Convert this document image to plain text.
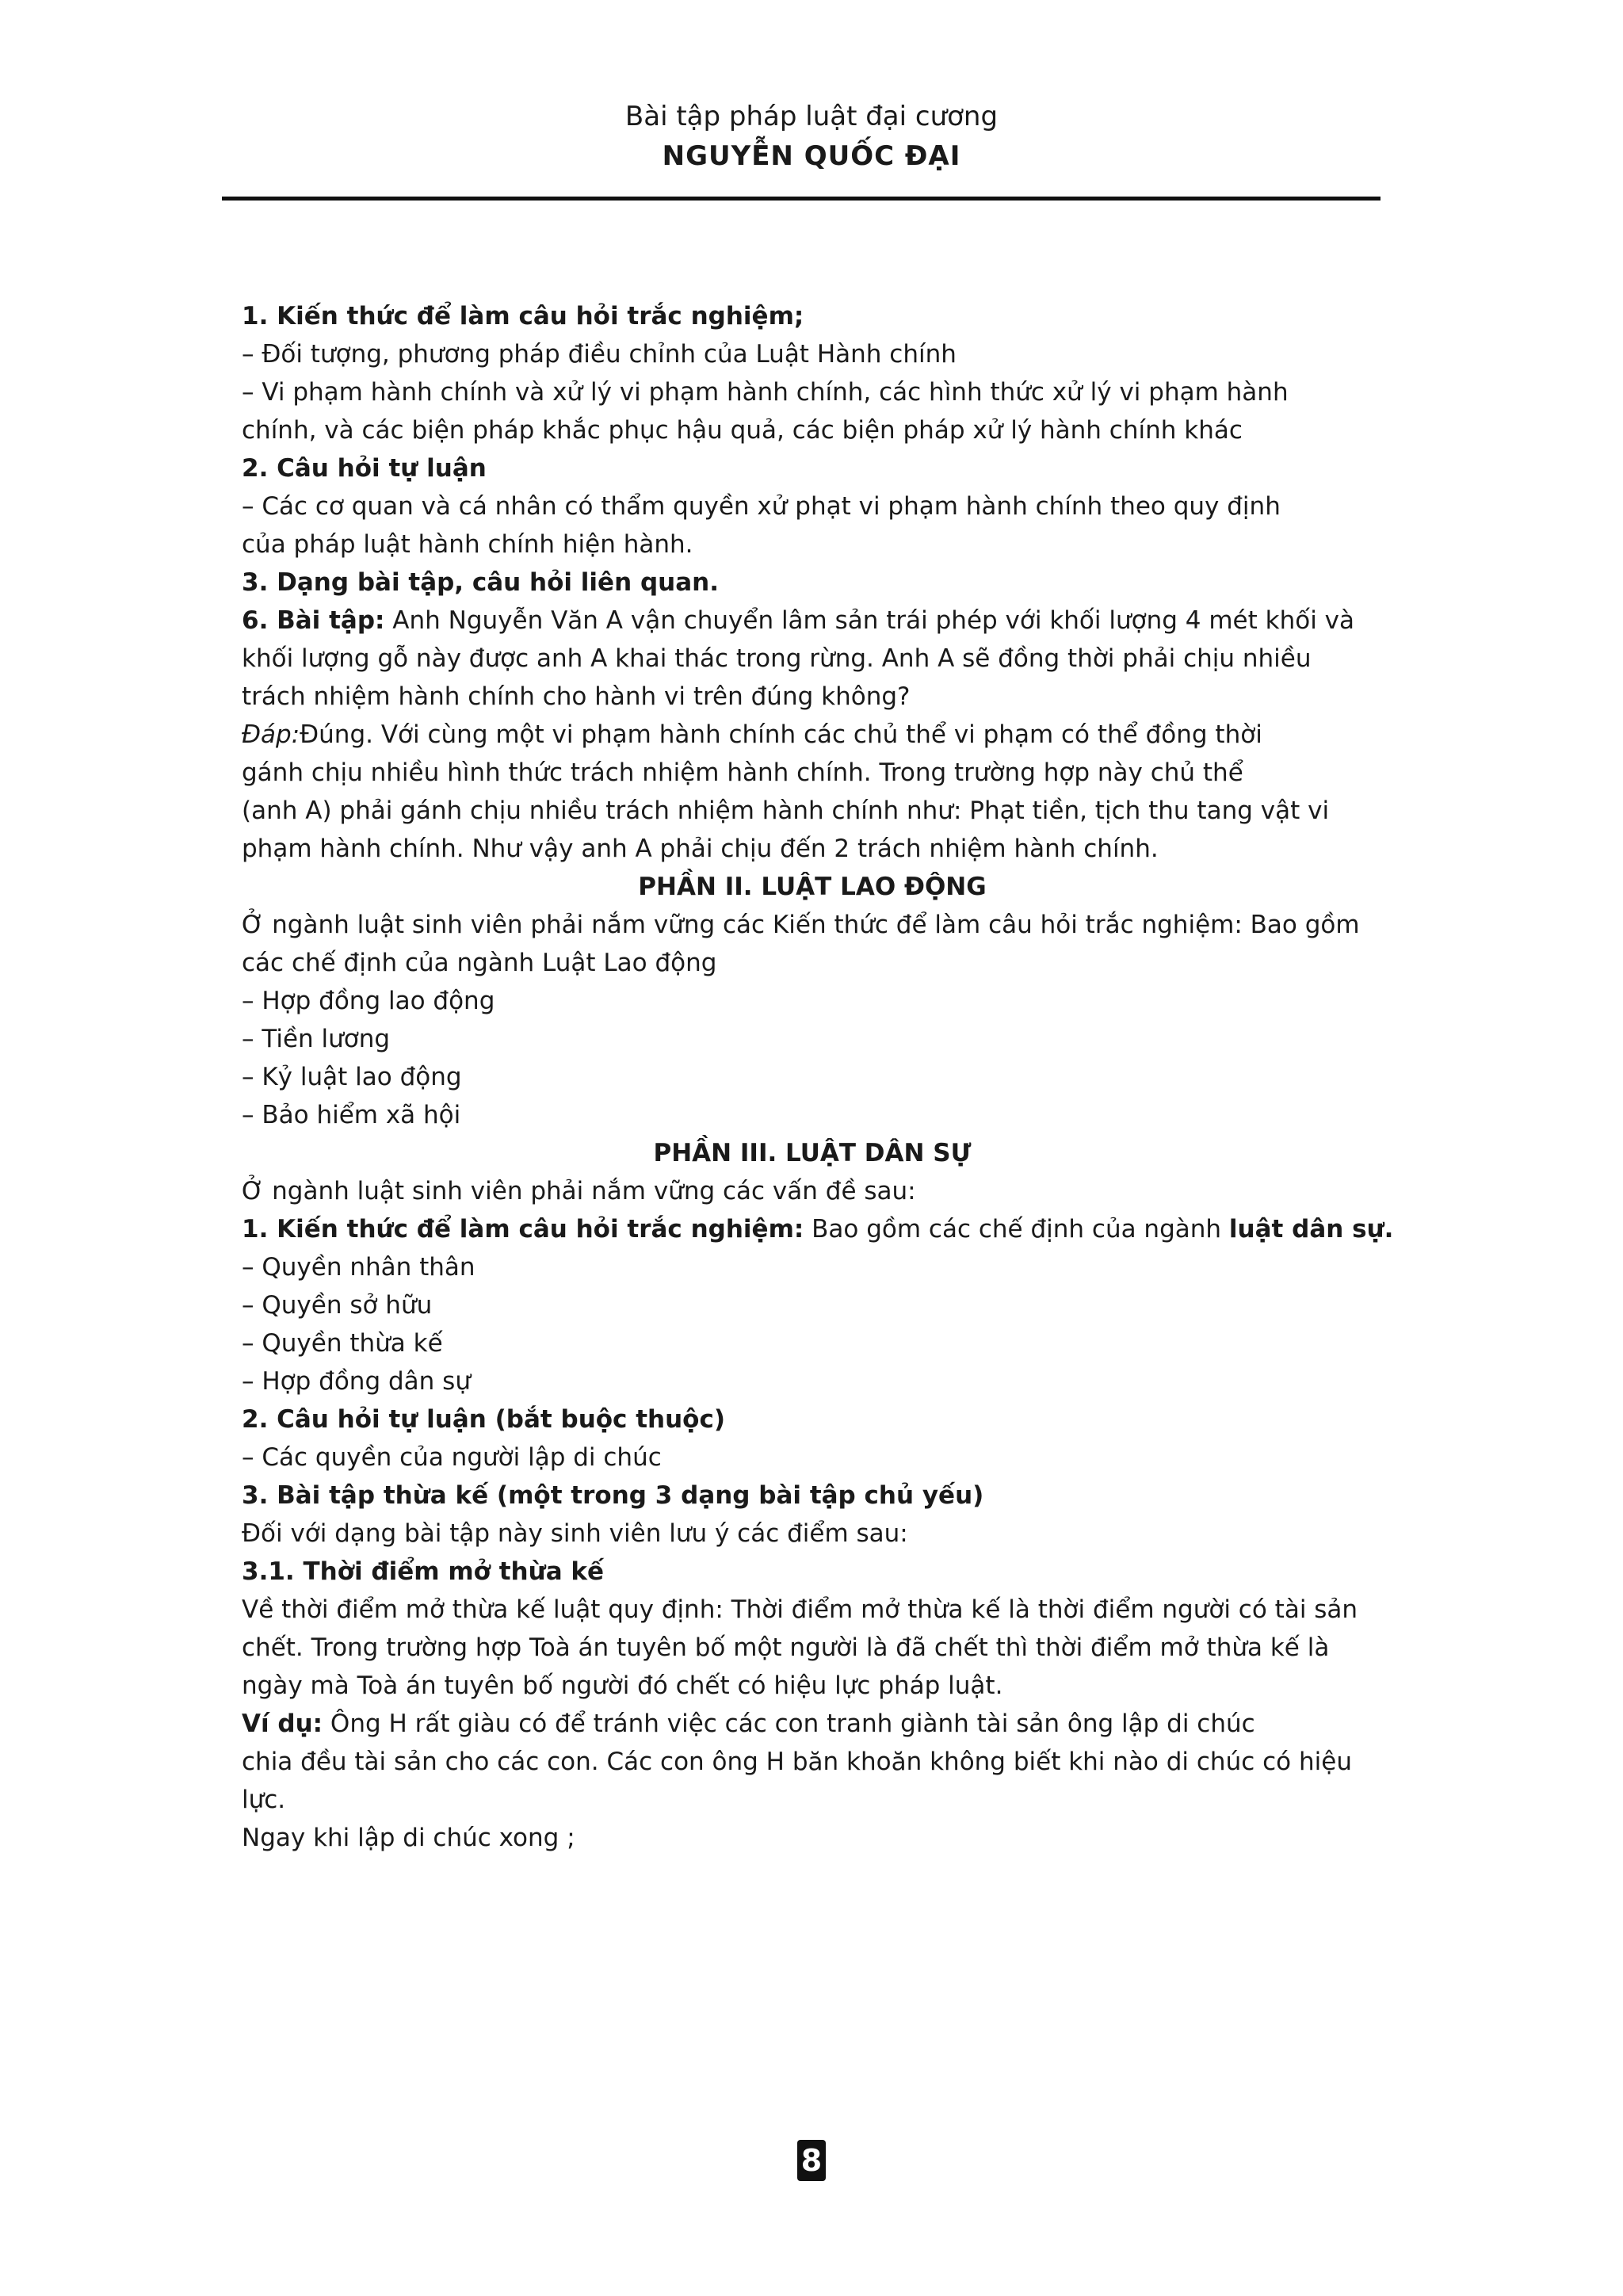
Bài tập pháp luật đại cương
NGUYỄN QUỐC ĐẠI
1. Kiến thức để làm câu hỏi trắc nghiệm;
– Đối tượng, phương pháp điều chỉnh của Luật Hành chính
– Vi phạm hành chính và xử lý vi phạm hành chính, các hình thức xử lý vi phạm hành
chính, và các biện pháp khắc phục hậu quả, các biện pháp xử lý hành chính khác
2. Câu hỏi tự luận
– Các cơ quan và cá nhân có thẩm quyền xử phạt vi phạm hành chính theo quy định
của pháp luật hành chính hiện hành.
3. Dạng bài tập, câu hỏi liên quan.
6. Bài tập: Anh Nguyễn Văn A vận chuyển lâm sản trái phép với khối lượng 4 mét khối và
khối lượng gỗ này được anh A khai thác trong rừng. Anh A sẽ đồng thời phải chịu nhiều
trách nhiệm hành chính cho hành vi trên đúng không?
Đáp:Đúng. Với cùng một vi phạm hành chính các chủ thể vi phạm có thể đồng thời
gánh chịu nhiều hình thức trách nhiệm hành chính. Trong trường hợp này chủ thể
(anh A) phải gánh chịu nhiều trách nhiệm hành chính như: Phạt tiền, tịch thu tang vật vi
phạm hành chính. Như vậy anh A phải chịu đến 2 trách nhiệm hành chính.
PHẦN II. LUẬT LAO ĐỘNG
Ở ngành luật sinh viên phải nắm vững các Kiến thức để làm câu hỏi trắc nghiệm: Bao gồm
các chế định của ngành Luật Lao động
– Hợp đồng lao động
– Tiền lương
– Kỷ luật lao động
– Bảo hiểm xã hội
PHẦN III. LUẬT DÂN SỰ
Ở ngành luật sinh viên phải nắm vững các vấn đề sau:
1. Kiến thức để làm câu hỏi trắc nghiệm: Bao gồm các chế định của ngành luật dân sự.
– Quyền nhân thân
– Quyền sở hữu
– Quyền thừa kế
– Hợp đồng dân sự
2. Câu hỏi tự luận (bắt buộc thuộc)
– Các quyền của người lập di chúc
3. Bài tập thừa kế (một trong 3 dạng bài tập chủ yếu)
Đối với dạng bài tập này sinh viên lưu ý các điểm sau:
3.1. Thời điểm mở thừa kế
Về thời điểm mở thừa kế luật quy định: Thời điểm mở thừa kế là thời điểm người có tài sản
chết. Trong trường hợp Toà án tuyên bố một người là đã chết thì thời điểm mở thừa kế là
ngày mà Toà án tuyên bố người đó chết có hiệu lực pháp luật.
Ví dụ: Ông H rất giàu có để tránh việc các con tranh giành tài sản ông lập di chúc
chia đều tài sản cho các con. Các con ông H băn khoăn không biết khi nào di chúc có hiệu
lực.
Ngay khi lập di chúc xong ;
8
